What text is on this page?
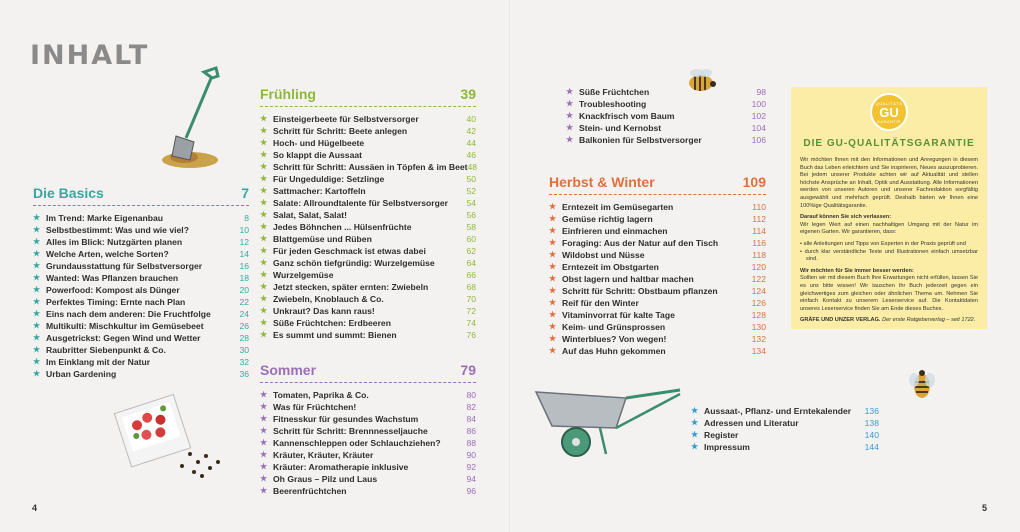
INHALT
Die Basics	7
★ Im Trend: Marke Eigenanbau	8
★ Selbstbestimmt: Was und wie viel?	10
★ Alles im Blick: Nutzgärten planen	12
★ Welche Arten, welche Sorten?	14
★ Grundausstattung für Selbstversorger	16
★ Wanted: Was Pflanzen brauchen	18
★ Powerfood: Kompost als Dünger	20
★ Perfektes Timing: Ernte nach Plan	22
★ Eins nach dem anderen: Die Fruchtfolge	24
★ Multikulti: Mischkultur im Gemüsebeet	26
★ Ausgetrickst: Gegen Wind und Wetter	28
★ Raubritter Siebenpunkt & Co.	30
★ Im Einklang mit der Natur	32
★ Urban Gardening	36
Frühling	39
★ Einsteigerbeete für Selbstversorger	40
★ Schritt für Schritt: Beete anlegen	42
★ Hoch- und Hügelbeete	44
★ So klappt die Aussaat	46
★ Schritt für Schritt: Aussäen in Töpfen & im Beet 48
★ Für Ungeduldige: Setzlinge	50
★ Sattmacher: Kartoffeln	52
★ Salate: Allroundtalente für Selbstversorger 54
★ Salat, Salat, Salat!	56
★ Jedes Böhnchen ... Hülsenfrüchte	58
★ Blattgemüse und Rüben	60
★ Für jeden Geschmack ist etwas dabei	62
★ Ganz schön tiefgründig: Wurzelgemüse	64
★ Wurzelgemüse	66
★ Jetzt stecken, später ernten: Zwiebeln	68
★ Zwiebeln, Knoblauch & Co.	70
★ Unkraut? Das kann raus!	72
★ Süße Früchtchen: Erdbeeren	74
★ Es summt und summt: Bienen	76
Sommer	79
★ Tomaten, Paprika & Co.	80
★ Was für Früchtchen!	82
★ Fitnesskur für gesundes Wachstum	84
★ Schritt für Schritt: Brennnesseljauche	86
★ Kannenschleppen oder Schlauchziehen?	88
★ Kräuter, Kräuter, Kräuter	90
★ Kräuter: Aromatherapie inklusive	92
★ Oh Graus – Pilz und Laus	94
★ Beerenfrüchtchen	96
★ Süße Früchtchen	98
★ Troubleshooting	100
★ Knackfrisch vom Baum	102
★ Stein- und Kernobst	104
★ Balkonien für Selbstversorger	106
Herbst & Winter	109
★ Erntezeit im Gemüsegarten	110
★ Gemüse richtig lagern	112
★ Einfrieren und einmachen	114
★ Foraging: Aus der Natur auf den Tisch	116
★ Wildobst und Nüsse	118
★ Erntezeit im Obstgarten	120
★ Obst lagern und haltbar machen	122
★ Schritt für Schritt: Obstbaum pflanzen	124
★ Reif für den Winter	126
★ Vitaminvorrat für kalte Tage	128
★ Keim- und Grünsprossen	130
★ Winterblues? Von wegen!	132
★ Auf das Huhn gekommen	134
★ Aussaat-, Pflanz- und Erntekalender 136
★ Adressen und Literatur	138
★ Register	140
★ Impressum	144
QUALITÄTS
GU
GARANTIE
DIE GU-QUALITÄTSGARANTIE

Wir möchten Ihnen mit den Informationen und Anregungen in diesem Buch das Leben erleichtern und Sie inspirieren, Neues auszuprobieren. Bei jedem unserer Produkte achten wir auf Aktualität und stellen höchste Ansprüche an Inhalt, Optik und Ausstattung. Alle Informationen werden von unseren Autoren und unserer Fachredaktion sorgfältig ausgewählt und mehrfach geprüft. Deshalb bieten wir Ihnen eine 100%ige Qualitätsgarantie.

Darauf können Sie sich verlassen:
Wir legen Wert auf einen nachhaltigen Umgang mit der Natur im eigenen Garten. Wir garantieren, dass:

• alle Anleitungen und Tipps von Experten in der Praxis geprüft und
• durch klar verständliche Texte und Illustrationen einfach umsetzbar sind.

Wir möchten für Sie immer besser werden:
Sollten wir mit diesem Buch Ihre Erwartungen nicht erfüllen, lassen Sie es uns bitte wissen! Wir tauschen Ihr Buch jederzeit gegen ein gleichwertiges zum gleichen oder ähnlichen Thema um. Nehmen Sie einfach Kontakt zu unserem Leserservice auf. Die Kontaktdaten unseres Leserservice finden Sie am Ende dieses Buches.

GRÄFE UND UNZER VERLAG. Der erste Ratgeberverlag – seit 1722.

4	5
